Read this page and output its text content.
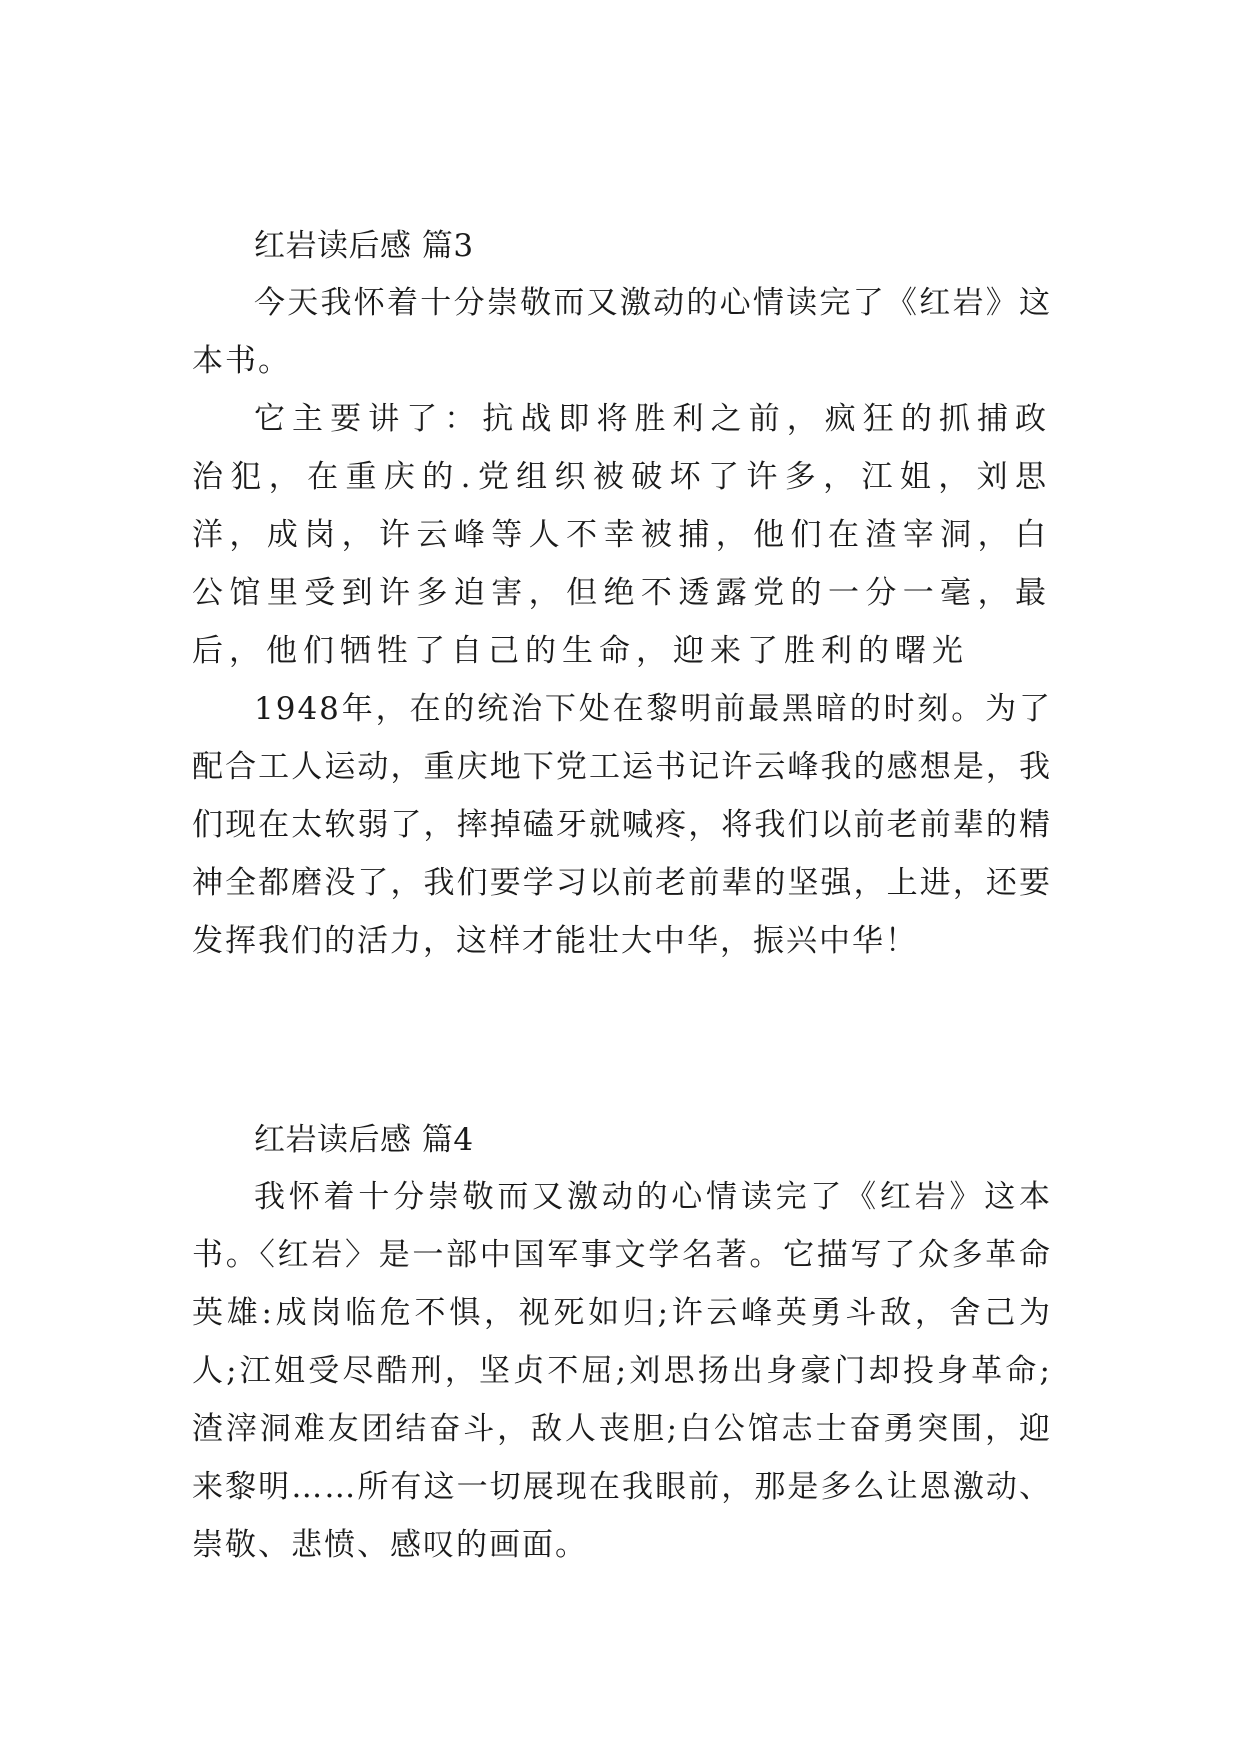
红岩读后感 篇3

今天我怀着十分崇敬而又激动的心情读完了《红岩》这本书。

它主要讲了：抗战即将胜利之前，疯狂的抓捕政治犯，在重庆的.党组织被破坏了许多，江姐，刘思洋，成岗，许云峰等人不幸被捕，他们在渣宰洞，白公馆里受到许多迫害，但绝不透露党的一分一毫，最后，他们牺牲了自己的生命，迎来了胜利的曙光

1948年，在的统治下处在黎明前最黑暗的时刻。为了配合工人运动，重庆地下党工运书记许云峰我的感想是，我们现在太软弱了，摔掉磕牙就喊疼，将我们以前老前辈的精神全都磨没了，我们要学习以前老前辈的坚强，上进，还要发挥我们的活力，这样才能壮大中华，振兴中华！

红岩读后感 篇4

我怀着十分崇敬而又激动的心情读完了《红岩》这本书。〈红岩〉是一部中国军事文学名著。它描写了众多革命英雄:成岗临危不惧，视死如归;许云峰英勇斗敌，舍己为人;江姐受尽酷刑，坚贞不屈;刘思扬出身豪门却投身革命;渣滓洞难友团结奋斗，敌人丧胆;白公馆志士奋勇突围，迎来黎明……所有这一切展现在我眼前，那是多么让恩激动、崇敬、悲愤、感叹的画面。
